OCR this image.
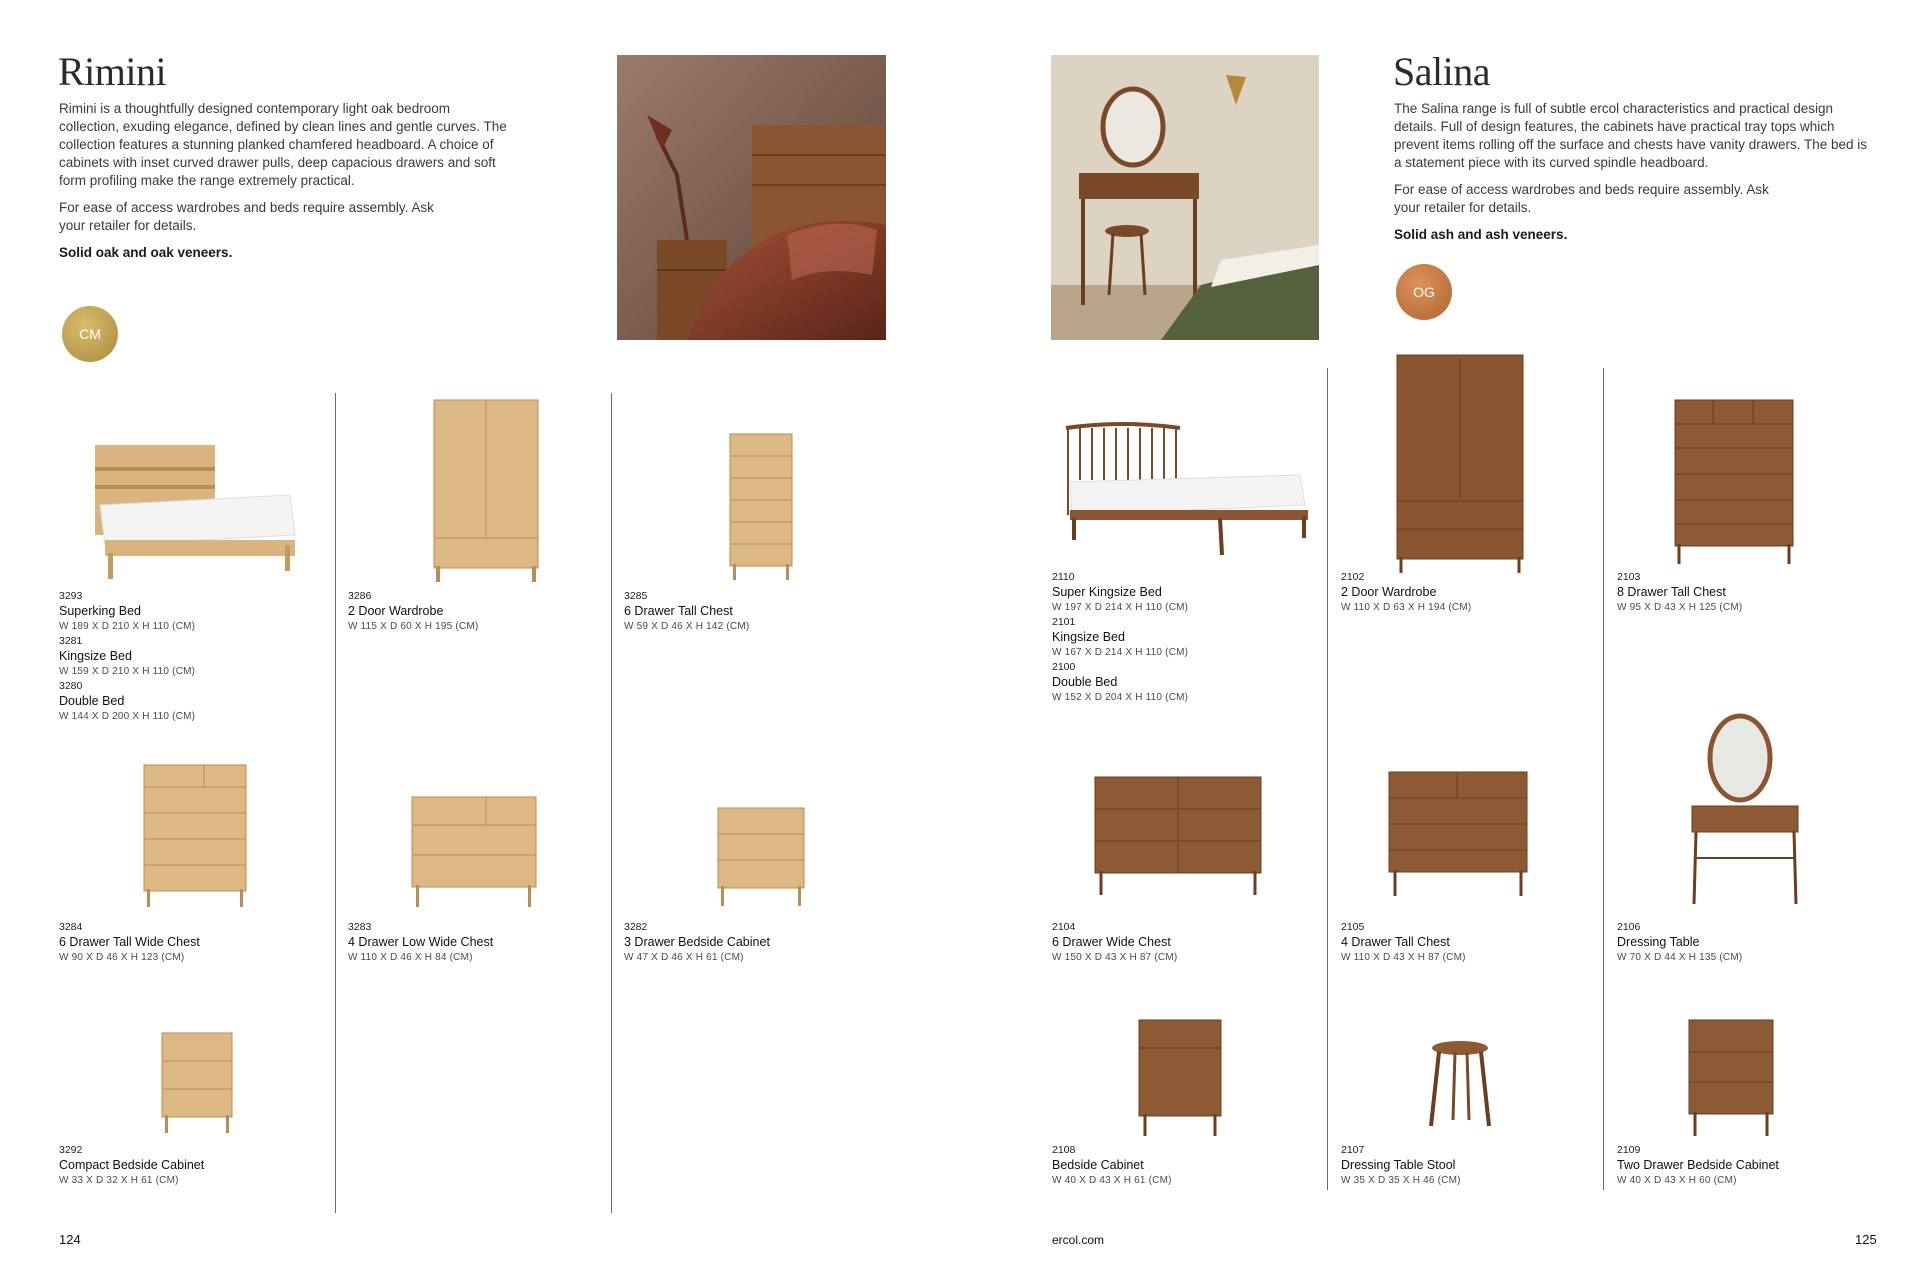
Rimini

Rimini is a thoughtfully designed contemporary light oak bedroom collection, exuding elegance, defined by clean lines and gentle curves. The collection features a stunning planked chamfered headboard. A choice of cabinets with inset curved drawer pulls, deep capacious drawers and soft form profiling make the range extremely practical.

For ease of access wardrobes and beds require assembly. Ask your retailer for details.

Solid oak and oak veneers.

CM
3293
Superking Bed
W 189 X D 210 X H 110 (CM)
3281
Kingsize Bed
W 159 X D 210 X H 110 (CM)
3280
Double Bed
W 144 X D 200 X H 110 (CM)
3286
2 Door Wardrobe
W 115 X D 60 X H 195 (CM)
3285
6 Drawer Tall Chest
W 59 X D 46 X H 142 (CM)
3284
6 Drawer Tall Wide Chest
W 90 X D 46 X H 123 (CM)
3283
4 Drawer Low Wide Chest
W 110 X D 46 X H 84 (CM)
3282
3 Drawer Bedside Cabinet
W 47 X D 46 X H 61 (CM)
3292
Compact Bedside Cabinet
W 33 X D 32 X H 61 (CM)
Salina

The Salina range is full of subtle ercol characteristics and practical design details. Full of design features, the cabinets have practical tray tops which prevent items rolling off the surface and chests have vanity drawers. The bed is a statement piece with its curved spindle headboard.

For ease of access wardrobes and beds require assembly. Ask your retailer for details.

Solid ash and ash veneers.

OG
2110
Super Kingsize Bed
W 197 X D 214 X H 110 (CM)
2101
Kingsize Bed
W 167 X D 214 X H 110 (CM)
2100
Double Bed
W 152 X D 204 X H 110 (CM)
2102
2 Door Wardrobe
W 110 X D 63 X H 194 (CM)
2103
8 Drawer Tall Chest
W 95 X D 43 X H 125 (CM)
2104
6 Drawer Wide Chest
W 150 X D 43 X H 87 (CM)
2105
4 Drawer Tall Chest
W 110 X D 43 X H 87 (CM)
2106
Dressing Table
W 70 X D 44 X H 135 (CM)
2108
Bedside Cabinet
W 40 X D 43 X H 61 (CM)
2107
Dressing Table Stool
W 35 X D 35 X H 46 (CM)
2109
Two Drawer Bedside Cabinet
W 40 X D 43 X H 60 (CM)
124	ercol.com	125
